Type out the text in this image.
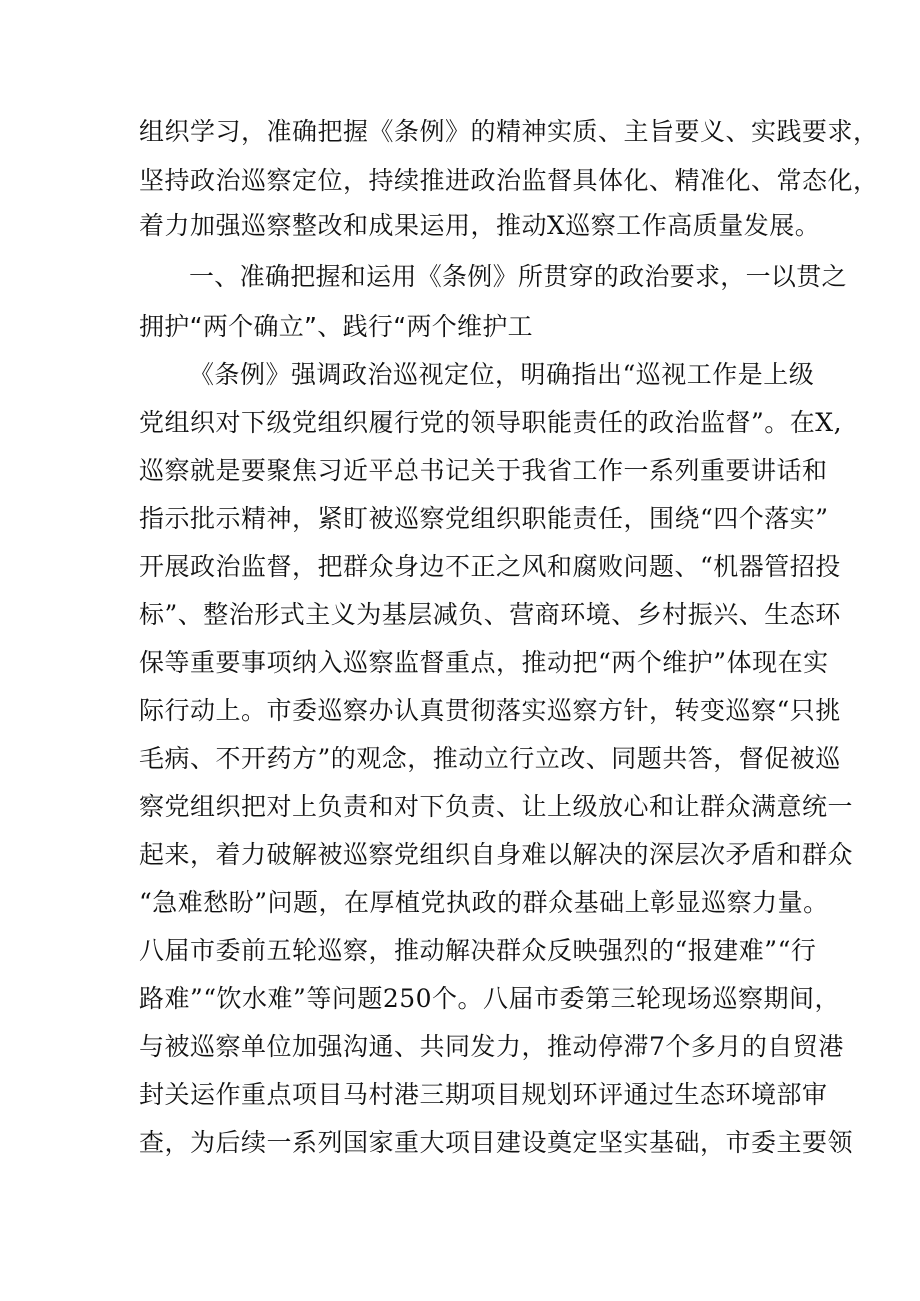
组织学习，准确把握《条例》的精神实质、主旨要义、实践要求，
坚持政治巡察定位，持续推进政治监督具体化、精准化、常态化，
着力加强巡察整改和成果运用，推动X巡察工作高质量发展。
一、准确把握和运用《条例》所贯穿的政治要求，一以贯之
拥护“两个确立”、践行“两个维护工
《条例》强调政治巡视定位，明确指出“巡视工作是上级
党组织对下级党组织履行党的领导职能责任的政治监督”。在X,
巡察就是要聚焦习近平总书记关于我省工作一系列重要讲话和
指示批示精神，紧盯被巡察党组织职能责任，围绕“四个落实”
开展政治监督，把群众身边不正之风和腐败问题、“机器管招投
标”、整治形式主义为基层减负、营商环境、乡村振兴、生态环
保等重要事项纳入巡察监督重点，推动把“两个维护”体现在实
际行动上。市委巡察办认真贯彻落实巡察方针，转变巡察“只挑
毛病、不开药方”的观念，推动立行立改、同题共答，督促被巡
察党组织把对上负责和对下负责、让上级放心和让群众满意统一
起来，着力破解被巡察党组织自身难以解决的深层次矛盾和群众
“急难愁盼”问题，在厚植党执政的群众基础上彰显巡察力量。
八届市委前五轮巡察，推动解决群众反映强烈的“报建难”“行
路难”“饮水难”等问题250个。八届市委第三轮现场巡察期间，
与被巡察单位加强沟通、共同发力，推动停滞7个多月的自贸港
封关运作重点项目马村港三期项目规划环评通过生态环境部审
查，为后续一系列国家重大项目建设奠定坚实基础，市委主要领
